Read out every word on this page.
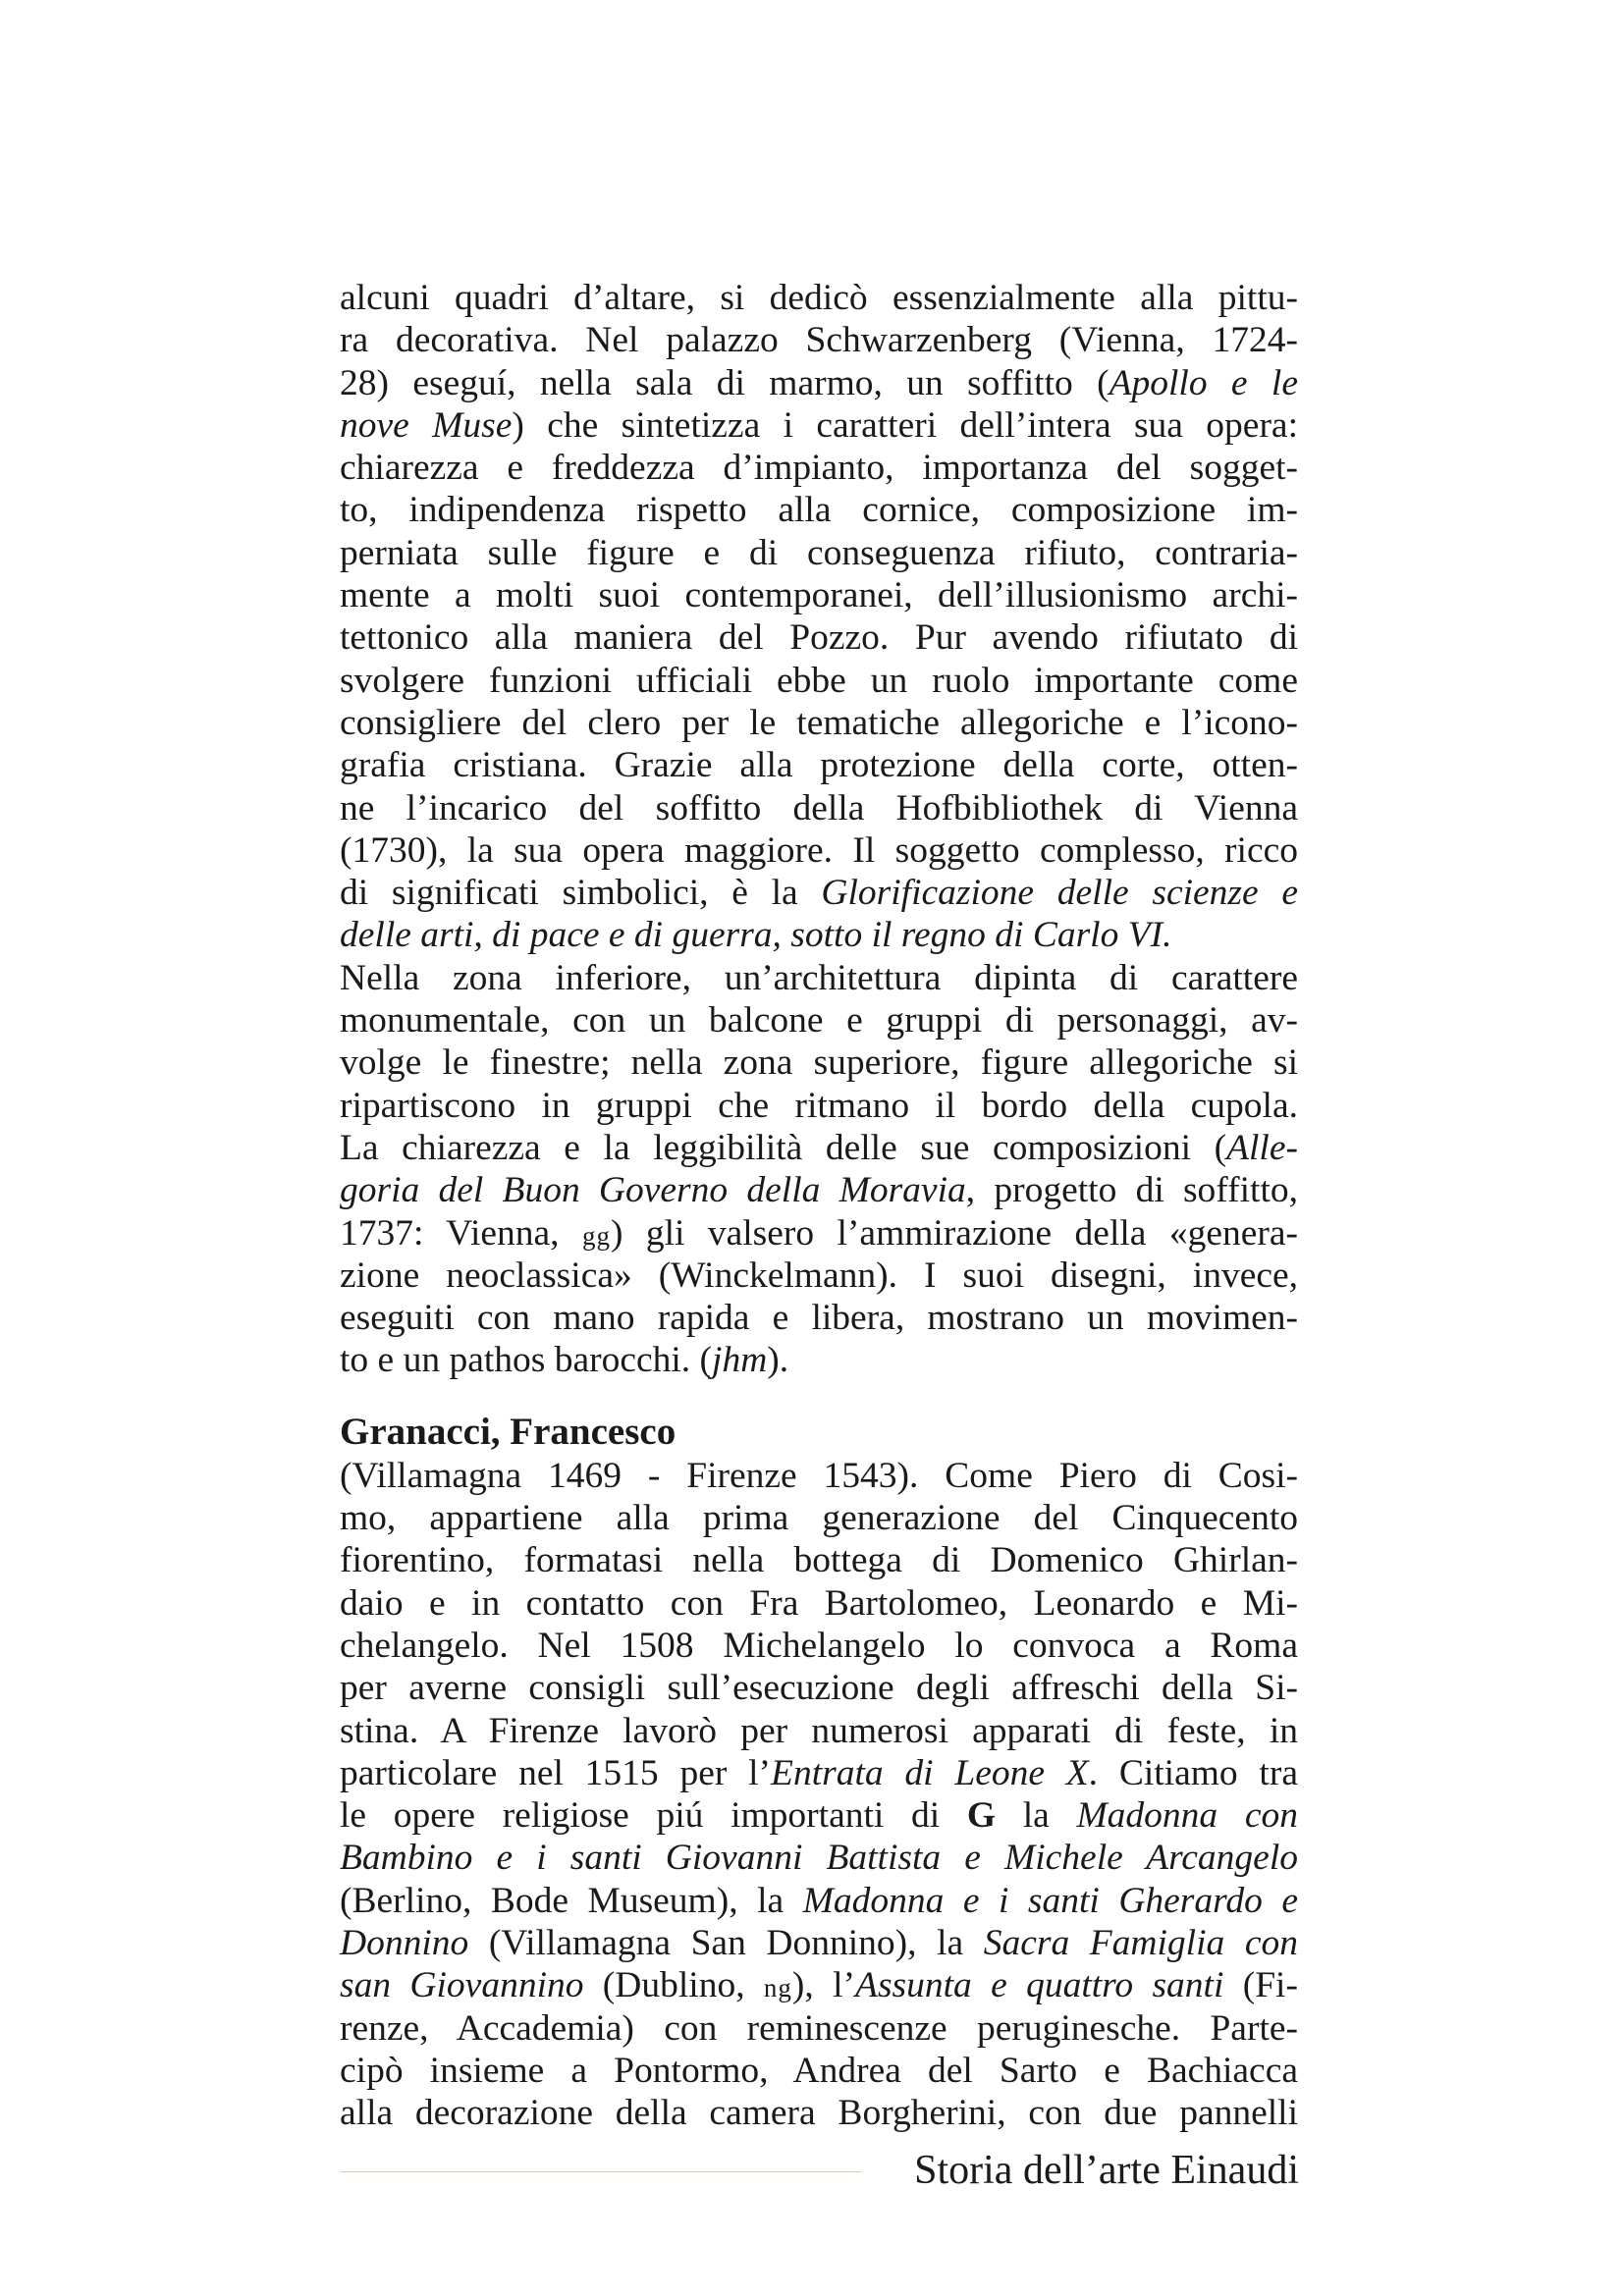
alcuni quadri d’altare, si dedicò essenzialmente alla pittu-
ra decorativa. Nel palazzo Schwarzenberg (Vienna, 1724-
28) eseguí, nella sala di marmo, un soffitto (Apollo e le
nove Muse) che sintetizza i caratteri dell’intera sua opera:
chiarezza e freddezza d’impianto, importanza del sogget-
to, indipendenza rispetto alla cornice, composizione im-
perniata sulle figure e di conseguenza rifiuto, contraria-
mente a molti suoi contemporanei, dell’illusionismo archi-
tettonico alla maniera del Pozzo. Pur avendo rifiutato di
svolgere funzioni ufficiali ebbe un ruolo importante come
consigliere del clero per le tematiche allegoriche e l’icono-
grafia cristiana. Grazie alla protezione della corte, otten-
ne l’incarico del soffitto della Hofbibliothek di Vienna
(1730), la sua opera maggiore. Il soggetto complesso, ricco
di significati simbolici, è la Glorificazione delle scienze e
delle arti, di pace e di guerra, sotto il regno di Carlo VI.
Nella zona inferiore, un’architettura dipinta di carattere
monumentale, con un balcone e gruppi di personaggi, av-
volge le finestre; nella zona superiore, figure allegoriche si
ripartiscono in gruppi che ritmano il bordo della cupola.
La chiarezza e la leggibilità delle sue composizioni (Alle-
goria del Buon Governo della Moravia, progetto di soffitto,
1737: Vienna, gg) gli valsero l’ammirazione della «genera-
zione neoclassica» (Winckelmann). I suoi disegni, invece,
eseguiti con mano rapida e libera, mostrano un movimen-
to e un pathos barocchi. (jhm).
Granacci, Francesco
(Villamagna 1469 - Firenze 1543). Come Piero di Cosi-
mo, appartiene alla prima generazione del Cinquecento
fiorentino, formatasi nella bottega di Domenico Ghirlan-
daio e in contatto con Fra Bartolomeo, Leonardo e Mi-
chelangelo. Nel 1508 Michelangelo lo convoca a Roma
per averne consigli sull’esecuzione degli affreschi della Si-
stina. A Firenze lavorò per numerosi apparati di feste, in
particolare nel 1515 per l’Entrata di Leone X. Citiamo tra
le opere religiose piú importanti di G la Madonna con
Bambino e i santi Giovanni Battista e Michele Arcangelo
(Berlino, Bode Museum), la Madonna e i santi Gherardo e
Donnino (Villamagna San Donnino), la Sacra Famiglia con
san Giovannino (Dublino, ng), l’Assunta e quattro santi (Fi-
renze, Accademia) con reminescenze peruginesche. Parte-
cipò insieme a Pontormo, Andrea del Sarto e Bachiacca
alla decorazione della camera Borgherini, con due pannelli
Storia dell’arte Einaudi
